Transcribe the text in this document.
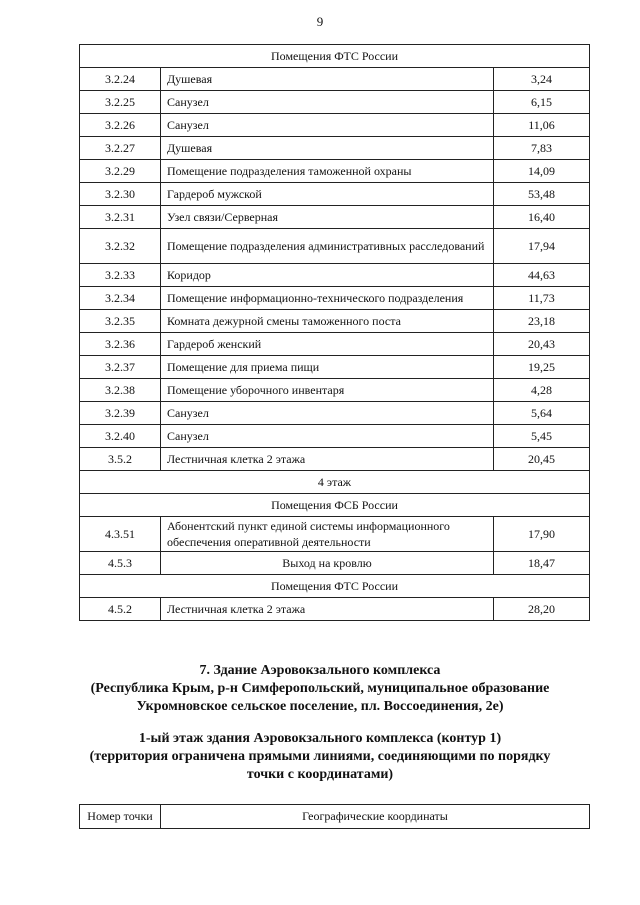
9
Помещения ФТС России		
3.2.24	Душевая	3,24
3.2.25	Санузел	6,15
3.2.26	Санузел	11,06
3.2.27	Душевая	7,83
3.2.29	Помещение подразделения таможенной охраны	14,09
3.2.30	Гардероб мужской	53,48
3.2.31	Узел связи/Серверная	16,40
3.2.32	Помещение подразделения административных расследований	17,94
3.2.33	Коридор	44,63
3.2.34	Помещение информационно-технического подразделения	11,73
3.2.35	Комната дежурной смены таможенного поста	23,18
3.2.36	Гардероб женский	20,43
3.2.37	Помещение для приема пищи	19,25
3.2.38	Помещение уборочного инвентаря	4,28
3.2.39	Санузел	5,64
3.2.40	Санузел	5,45
3.5.2	Лестничная клетка 2 этажа	20,45
4 этаж		
Помещения ФСБ России		
4.3.51	Абонентский пункт единой системы информационного обеспечения оперативной деятельности	17,90
4.5.3	Выход на кровлю	18,47
Помещения ФТС России		
4.5.2	Лестничная клетка 2 этажа	28,20
7. Здание Аэровокзального комплекса
(Республика Крым, р-н Симферопольский, муниципальное образование
Укромновское сельское поселение, пл. Воссоединения, 2е)
1-ый этаж здания Аэровокзального комплекса (контур 1)
(территория ограничена прямыми линиями, соединяющими по порядку
точки с координатами)
Номер точки	Географические координаты
